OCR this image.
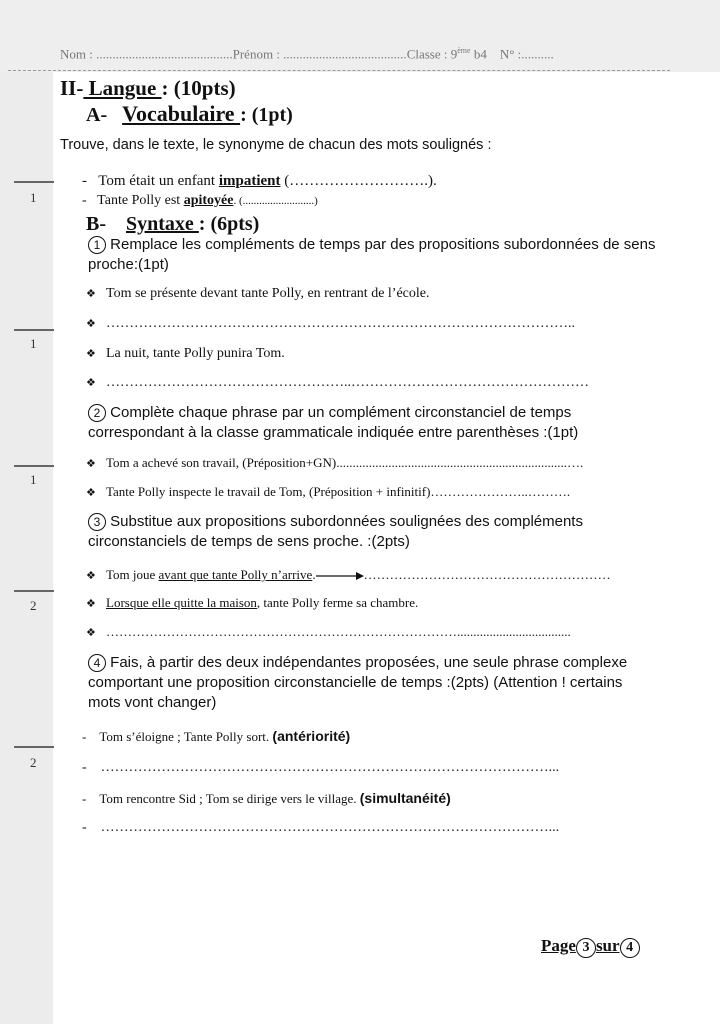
Nom : ..........................................Prénom : ......................................Classe : 9ème b4 N° :..........
1
1
1
2
2
II- Langue : (10pts)
A- Vocabulaire : (1pt)
Trouve, dans le texte, le synonyme de chacun des mots soulignés :
- Tom était un enfant impatient (……………………….).
- Tante Polly est apitoyée. (..........................)
B- Syntaxe : (6pts)
1 Remplace les compléments de temps par des propositions subordonnées de sens proche:(1pt)
❖ Tom se présente devant tante Polly, en rentrant de l’école.
❖ ………………………………………………………………………………………..
❖ La nuit, tante Polly punira Tom.
❖ ……………………………………………..……………………………………………
2 Complète chaque phrase par un complément circonstanciel de temps correspondant à la classe grammaticale indiquée entre parenthèses :(1pt)
❖ Tom a achevé son travail, (Préposition+GN).......................................................................….
❖ Tante Polly inspecte le travail de Tom, (Préposition + infinitif)…………………..……….
3 Substitue aux propositions subordonnées soulignées des compléments circonstanciels de temps de sens proche. :(2pts)
❖ Tom joue avant que tante Polly n’arrive.	…………………………………………………
❖ Lorsque elle quitte la maison, tante Polly ferme sa chambre.
❖ ………………………………………………………………………...................................
4 Fais, à partir des deux indépendantes proposées, une seule phrase complexe comportant une proposition circonstancielle de temps :(2pts) (Attention ! certains mots vont changer)
- Tom s’éloigne ; Tante Polly sort. (antériorité)
- ……………………………………………………………………………………...
- Tom rencontre Sid ; Tom se dirige vers le village. (simultanéité)
- ……………………………………………………………………………………...
Page 3 sur 4
